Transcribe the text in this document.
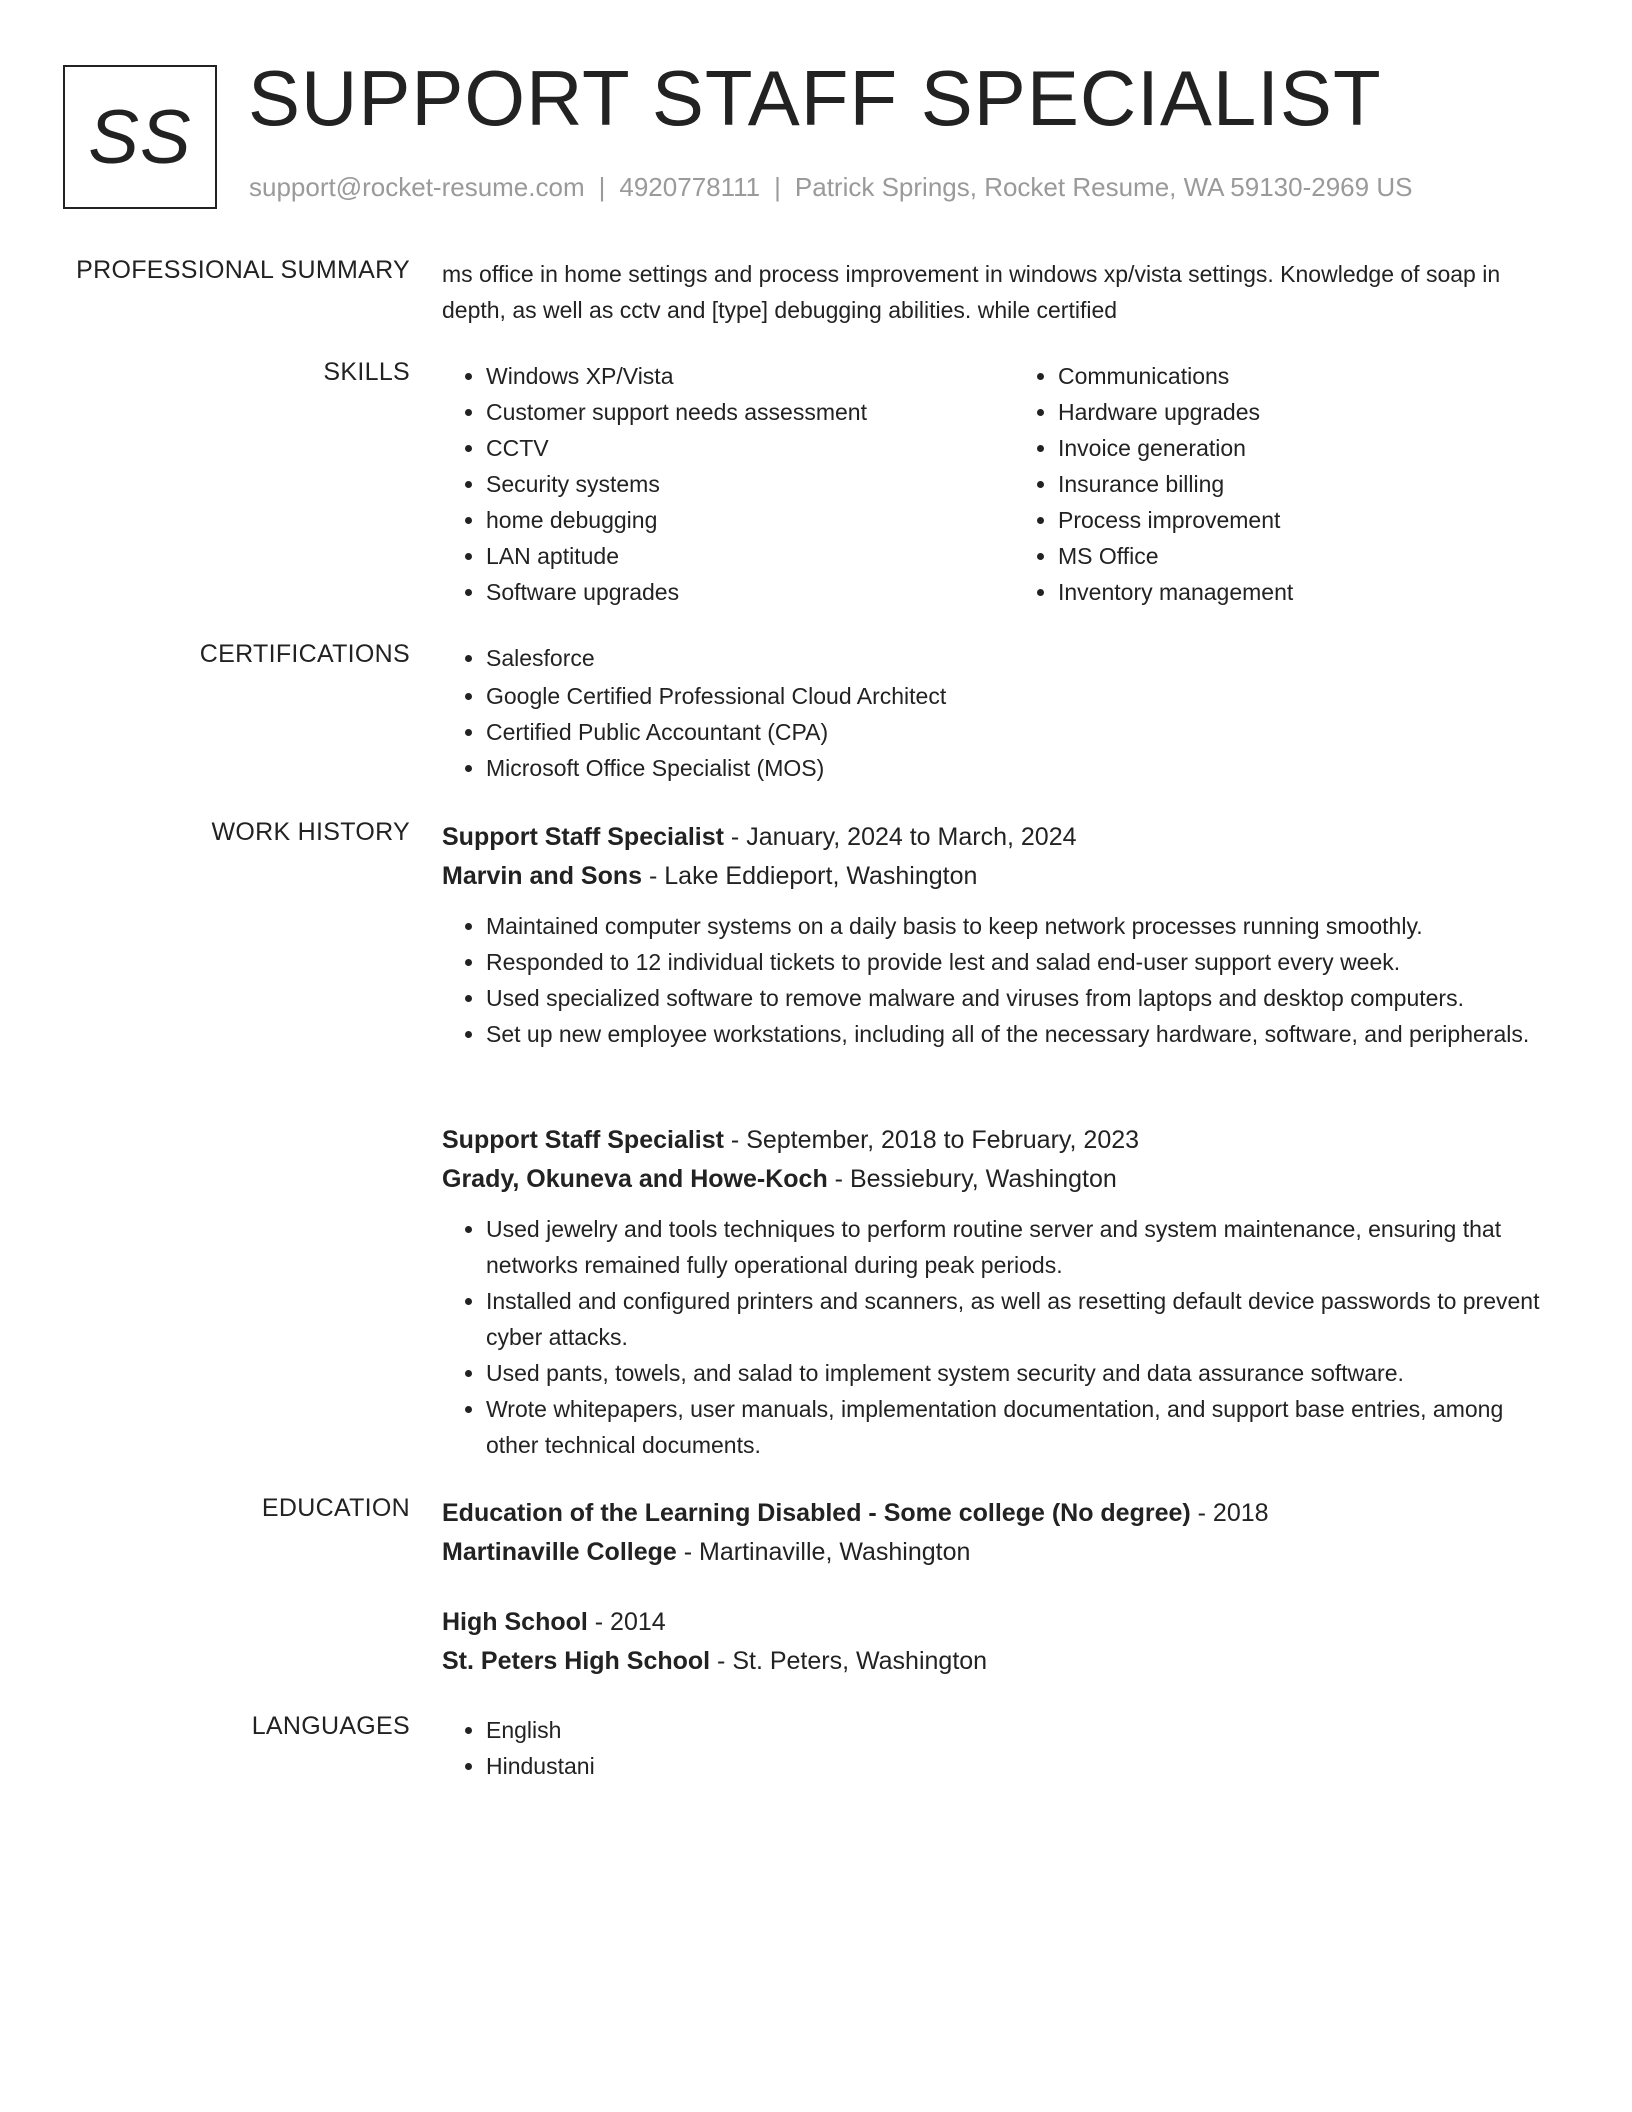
SS SUPPORT STAFF SPECIALIST
support@rocket-resume.com | 4920778111 | Patrick Springs, Rocket Resume, WA 59130-2969 US
PROFESSIONAL SUMMARY ms office in home settings and process improvement in windows xp/vista settings. Knowledge of soap in depth, as well as cctv and [type] debugging abilities. while certified

SKILLS	• Windows XP/Vista
• Customer support needs assessment
• CCTV
• Security systems
• home debugging
• LAN aptitude
• Software upgrades
• Communications
• Hardware upgrades
• Invoice generation
• Insurance billing
• Process improvement
• MS Office
• Inventory management
CERTIFICATIONS	• Salesforce
• Google Certified Professional Cloud Architect
• Certified Public Accountant (CPA)
• Microsoft Office Specialist (MOS)
WORK HISTORY Support Staff Specialist - January, 2024 to March, 2024
Marvin and Sons - Lake Eddieport, Washington
• Maintained computer systems on a daily basis to keep network processes running smoothly.
• Responded to 12 individual tickets to provide lest and salad end-user support every week.
• Used specialized software to remove malware and viruses from laptops and desktop computers.
• Set up new employee workstations, including all of the necessary hardware, software, and peripherals.
Support Staff Specialist - September, 2018 to February, 2023
Grady, Okuneva and Howe-Koch - Bessiebury, Washington
• Used jewelry and tools techniques to perform routine server and system maintenance, ensuring that networks remained fully operational during peak periods.
• Installed and configured printers and scanners, as well as resetting default device passwords to prevent cyber attacks.
• Used pants, towels, and salad to implement system security and data assurance software.
• Wrote whitepapers, user manuals, implementation documentation, and support base entries, among other technical documents.
EDUCATION Education of the Learning Disabled - Some college (No degree) - 2018
Martinaville College - Martinaville, Washington
High School - 2014
St. Peters High School - St. Peters, Washington
LANGUAGES	• English
• Hindustani
